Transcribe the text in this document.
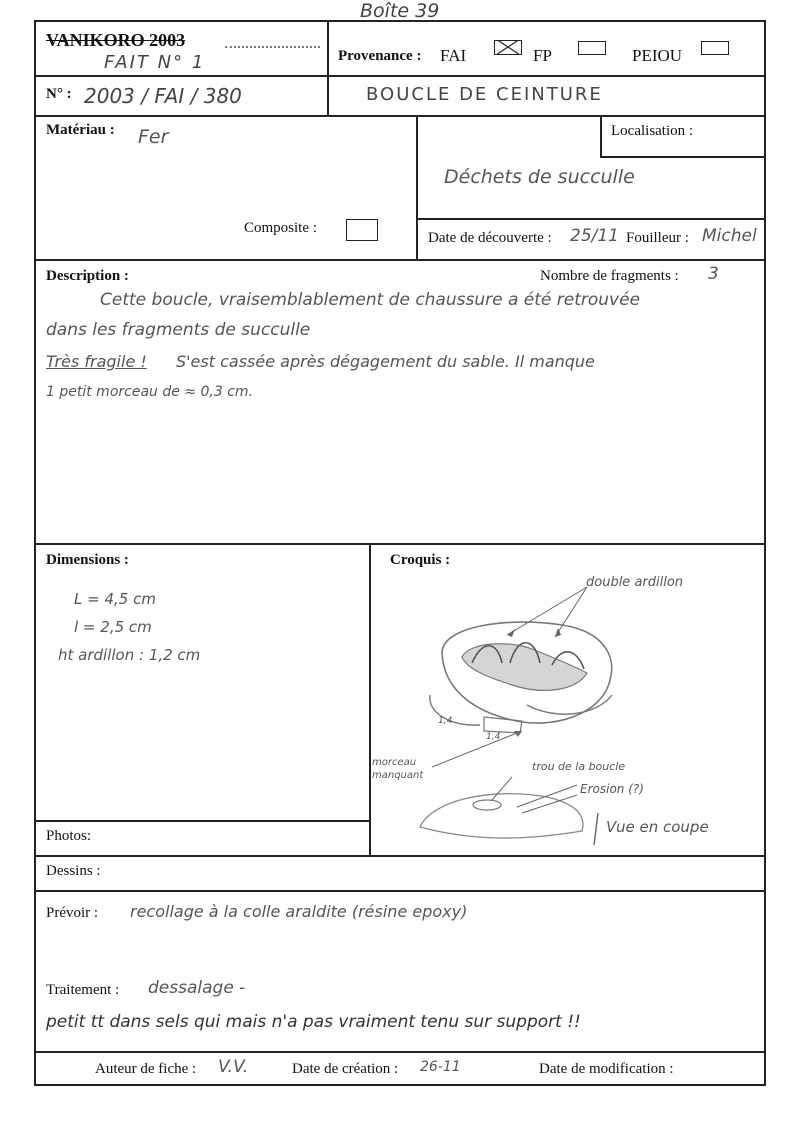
Boîte 39
VANIKORO 2003
FAIT N° 1	Provenance : FAI	FP	PEIOU
N° : 2003 / FAI / 380	BOUCLE DE CEINTURE
Matériau : Fer
Composite :
Localisation :
Déchets de succulle
Date de découverte : 25/11 Fouilleur : Michel
Description :	Nombre de fragments : 3
Cette boucle, vraisemblablement de chaussure a été retrouvée
dans les fragments de succulle
Très fragile ! S'est cassée après dégagement du sable. Il manque
1 petit morceau de ≈ 0,3 cm.
Dimensions :
L = 4,5 cm
l = 2,5 cm
ht ardillon : 1,2 cm
Croquis :
double ardillon
1,4
1,4
morceau
manquant
trou de la boucle
Erosion (?)
Vue en coupe
Photos:
Dessins :
Prévoir : recollage à la colle araldite (résine epoxy)
Traitement : dessalage -
petit tt dans sels qui mais n'a pas vraiment tenu sur support !!
Auteur de fiche : V.V.	Date de création : 26-11	Date de modification :
